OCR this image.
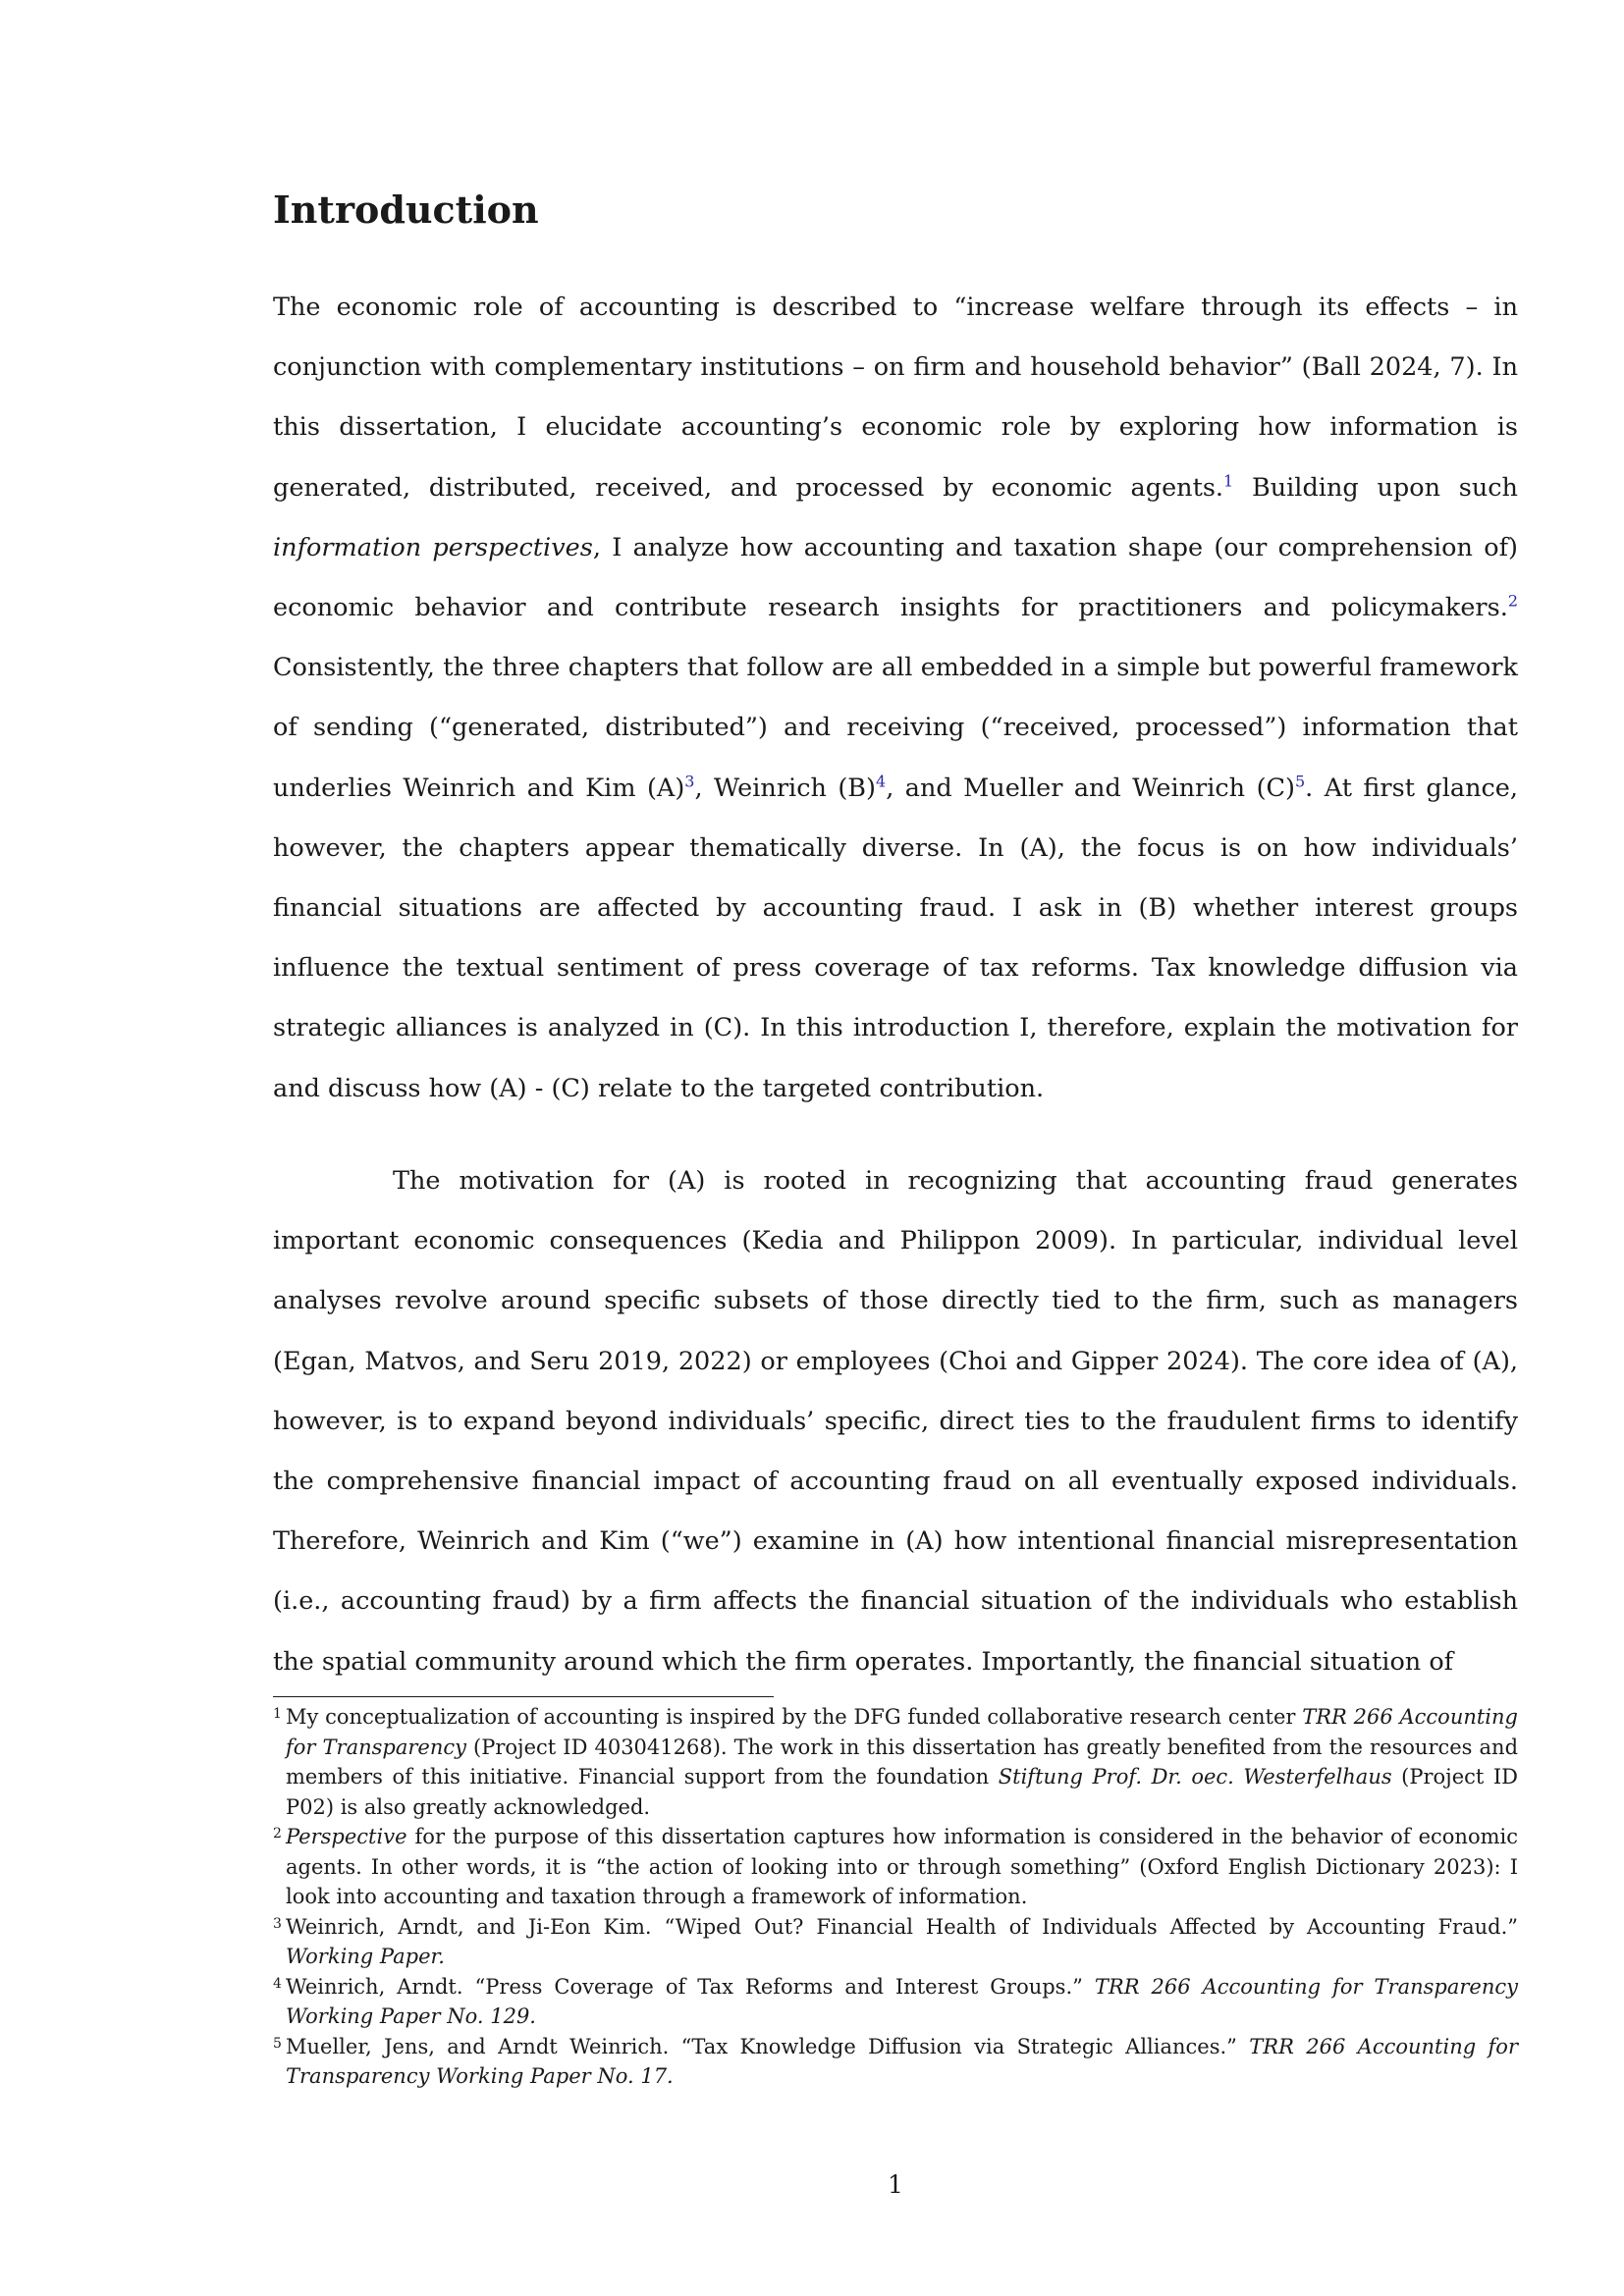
Introduction

The economic role of accounting is described to “increase welfare through its effects – in conjunction with complementary institutions – on firm and household behavior” (Ball 2024, 7). In this dissertation, I elucidate accounting’s economic role by exploring how information is generated, distributed, received, and processed by economic agents.$^1$ Building upon such information perspectives, I analyze how accounting and taxation shape (our comprehension of) economic behavior and contribute research insights for practitioners and policymakers.$^2$ Consistently, the three chapters that follow are all embedded in a simple but powerful framework of sending (“generated, distributed”) and receiving (“received, processed”) information that underlies Weinrich and Kim (A)$^3$, Weinrich (B)$^4$, and Mueller and Weinrich (C)$^5$. At first glance, however, the chapters appear thematically diverse. In (A), the focus is on how individuals’ financial situations are affected by accounting fraud. I ask in (B) whether interest groups influence the textual sentiment of press coverage of tax reforms. Tax knowledge diffusion via strategic alliances is analyzed in (C). In this introduction I, therefore, explain the motivation for and discuss how (A) - (C) relate to the targeted contribution.

The motivation for (A) is rooted in recognizing that accounting fraud generates important economic consequences (Kedia and Philippon 2009). In particular, individual level analyses revolve around specific subsets of those directly tied to the firm, such as managers (Egan, Matvos, and Seru 2019, 2022) or employees (Choi and Gipper 2024). The core idea of (A), however, is to expand beyond individuals’ specific, direct ties to the fraudulent firms to identify the comprehensive financial impact of accounting fraud on all eventually exposed individuals. Therefore, Weinrich and Kim (“we”) examine in (A) how intentional financial misrepresentation (i.e., accounting fraud) by a firm affects the financial situation of the individuals who establish the spatial community around which the firm operates. Importantly, the financial situation of

1 My conceptualization of accounting is inspired by the DFG funded collaborative research center TRR 266 Accounting for Transparency (Project ID 403041268). The work in this dissertation has greatly benefited from the resources and members of this initiative. Financial support from the foundation Stiftung Prof. Dr. oec. Westerfelhaus (Project ID P02) is also greatly acknowledged.

2 Perspective for the purpose of this dissertation captures how information is considered in the behavior of economic agents. In other words, it is “the action of looking into or through something” (Oxford English Dictionary 2023): I look into accounting and taxation through a framework of information.

3 Weinrich, Arndt, and Ji-Eon Kim. “Wiped Out? Financial Health of Individuals Affected by Accounting Fraud.” Working Paper.

4 Weinrich, Arndt. “Press Coverage of Tax Reforms and Interest Groups.” TRR 266 Accounting for Transparency Working Paper No. 129.

5 Mueller, Jens, and Arndt Weinrich. “Tax Knowledge Diffusion via Strategic Alliances.” TRR 266 Accounting for Transparency Working Paper No. 17.

1
